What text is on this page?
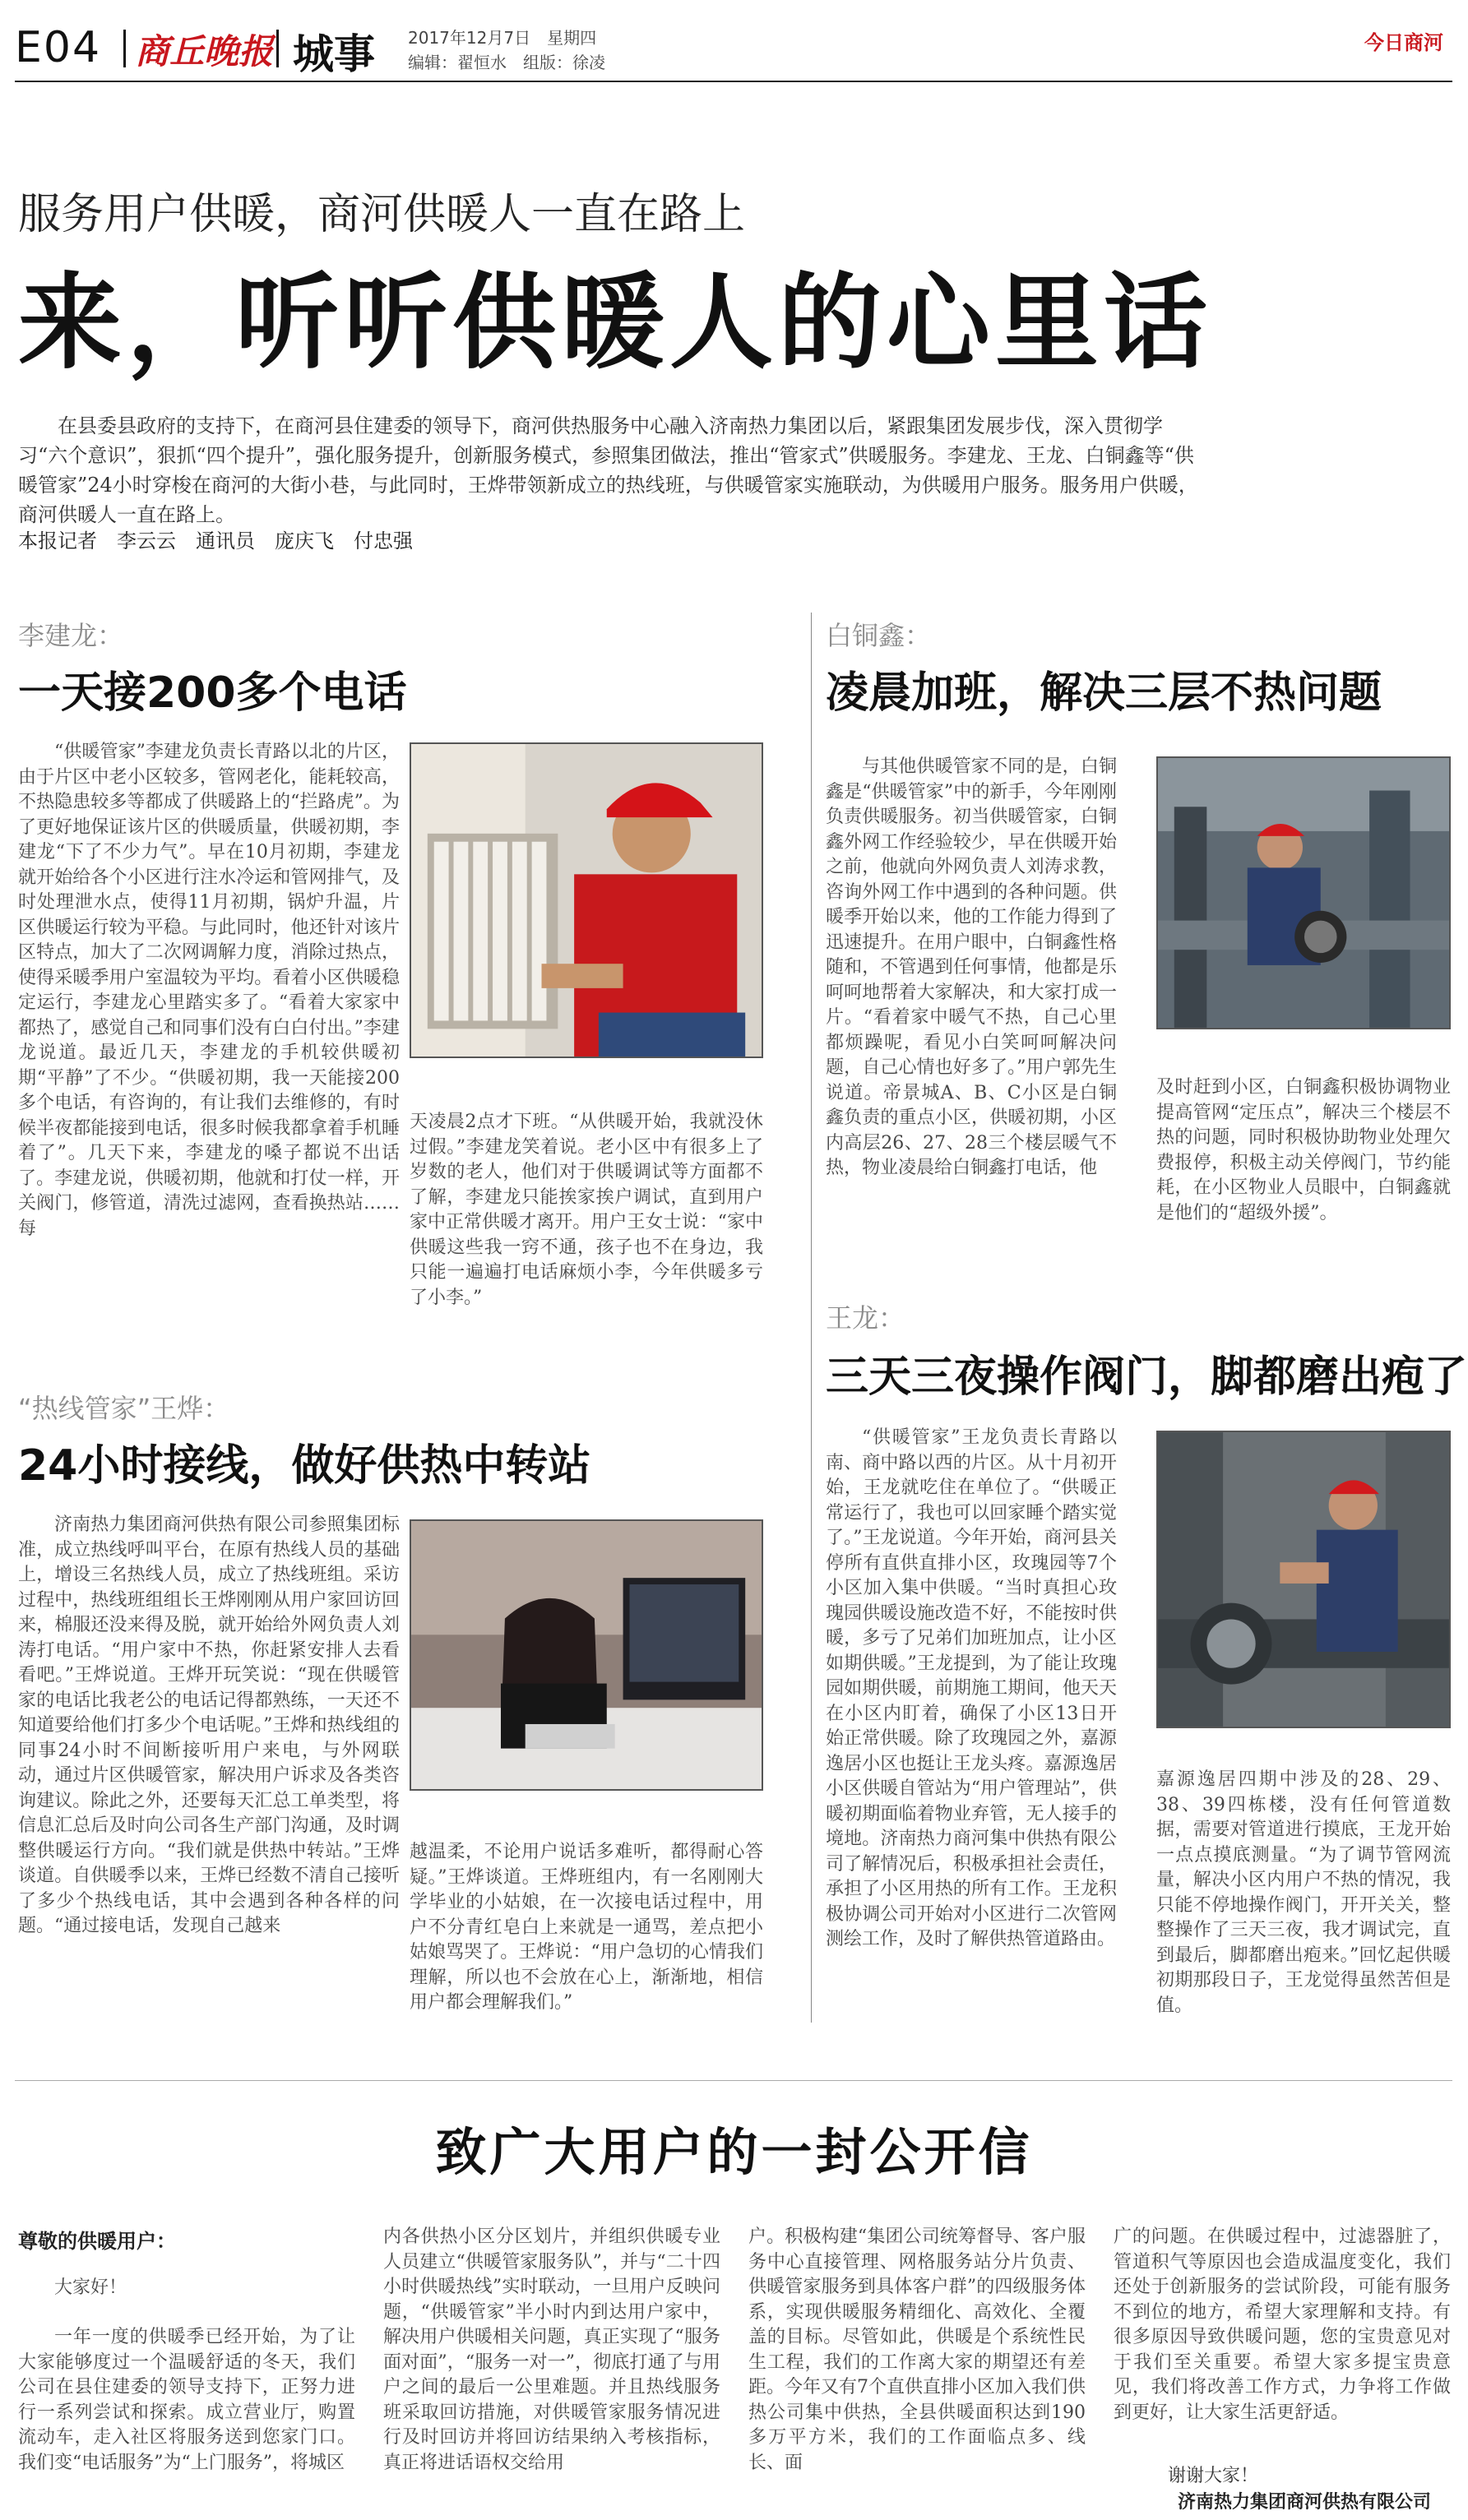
E04 商丘晚报 城事 2017年12月7日　星期四
编辑：翟恒水　组版：徐凌
今日商河
服务用户供暖，商河供暖人一直在路上
来，听听供暖人的心里话
在县委县政府的支持下，在商河县住建委的领导下，商河供热服务中心融入济南热力集团以后，紧跟集团发展步伐，深入贯彻学习“六个意识”，狠抓“四个提升”，强化服务提升，创新服务模式，参照集团做法，推出“管家式”供暖服务。李建龙、王龙、白铜鑫等“供暖管家”24小时穿梭在商河的大街小巷，与此同时，王烨带领新成立的热线班，与供暖管家实施联动，为供暖用户服务。服务用户供暖，商河供暖人一直在路上。
本报记者　李云云　通讯员　庞庆飞　付忠强
李建龙：
一天接200多个电话

“供暖管家”李建龙负责长青路以北的片区，由于片区中老小区较多，管网老化，能耗较高，不热隐患较多等都成了供暖路上的“拦路虎”。为了更好地保证该片区的供暖质量，供暖初期，李建龙“下了不少力气”。早在10月初期，李建龙就开始给各个小区进行注水冷运和管网排气，及时处理泄水点，使得11月初期，锅炉升温，片区供暖运行较为平稳。与此同时，他还针对该片区特点，加大了二次网调解力度，消除过热点，使得采暖季用户室温较为平均。看着小区供暖稳定运行，李建龙心里踏实多了。“看着大家家中都热了，感觉自己和同事们没有白白付出。”李建龙说道。最近几天，李建龙的手机较供暖初期“平静”了不少。“供暖初期，我一天能接200多个电话，有咨询的，有让我们去维修的，有时候半夜都能接到电话，很多时候我都拿着手机睡着了”。几天下来，李建龙的嗓子都说不出话了。李建龙说，供暖初期，他就和打仗一样，开关阀门，修管道，清洗过滤网，查看换热站……每

天凌晨2点才下班。“从供暖开始，我就没休过假。”李建龙笑着说。老小区中有很多上了岁数的老人，他们对于供暖调试等方面都不了解，李建龙只能挨家挨户调试，直到用户家中正常供暖才离开。用户王女士说：“家中供暖这些我一窍不通，孩子也不在身边，我只能一遍遍打电话麻烦小李，今年供暖多亏了小李。”

“热线管家”王烨：
24小时接线，做好供热中转站

济南热力集团商河供热有限公司参照集团标准，成立热线呼叫平台，在原有热线人员的基础上，增设三名热线人员，成立了热线班组。采访过程中，热线班组组长王烨刚刚从用户家回访回来，棉服还没来得及脱，就开始给外网负责人刘涛打电话。“用户家中不热，你赶紧安排人去看看吧。”王烨说道。王烨开玩笑说：“现在供暖管家的电话比我老公的电话记得都熟练，一天还不知道要给他们打多少个电话呢。”王烨和热线组的同事24小时不间断接听用户来电，与外网联动，通过片区供暖管家，解决用户诉求及各类咨询建议。除此之外，还要每天汇总工单类型，将信息汇总后及时向公司各生产部门沟通，及时调整供暖运行方向。“我们就是供热中转站。”王烨谈道。自供暖季以来，王烨已经数不清自己接听了多少个热线电话，其中会遇到各种各样的问题。“通过接电话，发现自己越来

越温柔，不论用户说话多难听，都得耐心答疑。”王烨谈道。王烨班组内，有一名刚刚大学毕业的小姑娘，在一次接电话过程中，用户不分青红皂白上来就是一通骂，差点把小姑娘骂哭了。王烨说：“用户急切的心情我们理解，所以也不会放在心上，渐渐地，相信用户都会理解我们。”

白铜鑫：
凌晨加班，解决三层不热问题

与其他供暖管家不同的是，白铜鑫是“供暖管家”中的新手，今年刚刚负责供暖服务。初当供暖管家，白铜鑫外网工作经验较少，早在供暖开始之前，他就向外网负责人刘涛求教，咨询外网工作中遇到的各种问题。供暖季开始以来，他的工作能力得到了迅速提升。在用户眼中，白铜鑫性格随和，不管遇到任何事情，他都是乐呵呵地帮着大家解决，和大家打成一片。“看着家中暖气不热，自己心里都烦躁呢，看见小白笑呵呵解决问题，自己心情也好多了。”用户郭先生说道。帝景城A、B、C小区是白铜鑫负责的重点小区，供暖初期，小区内高层26、27、28三个楼层暖气不热，物业凌晨给白铜鑫打电话，他

及时赶到小区，白铜鑫积极协调物业提高管网“定压点”，解决三个楼层不热的问题，同时积极协助物业处理欠费报停，积极主动关停阀门，节约能耗，在小区物业人员眼中，白铜鑫就是他们的“超级外援”。

王龙：
三天三夜操作阀门，脚都磨出疱了

“供暖管家”王龙负责长青路以南、商中路以西的片区。从十月初开始，王龙就吃住在单位了。“供暖正常运行了，我也可以回家睡个踏实觉了。”王龙说道。今年开始，商河县关停所有直供直排小区，玫瑰园等7个小区加入集中供暖。“当时真担心玫瑰园供暖设施改造不好，不能按时供暖，多亏了兄弟们加班加点，让小区如期供暖。”王龙提到，为了能让玫瑰园如期供暖，前期施工期间，他天天在小区内盯着，确保了小区13日开始正常供暖。除了玫瑰园之外，嘉源逸居小区也挺让王龙头疼。嘉源逸居小区供暖自管站为“用户管理站”，供暖初期面临着物业弃管，无人接手的境地。济南热力商河集中供热有限公司了解情况后，积极承担社会责任，承担了小区用热的所有工作。王龙积极协调公司开始对小区进行二次管网测绘工作，及时了解供热管道路由。

嘉源逸居四期中涉及的28、29、38、39四栋楼，没有任何管道数据，需要对管道进行摸底，王龙开始一点点摸底测量。“为了调节管网流量，解决小区内用户不热的情况，我只能不停地操作阀门，开开关关，整整操作了三天三夜，我才调试完，直到最后，脚都磨出疱来。”回忆起供暖初期那段日子，王龙觉得虽然苦但是值。

致广大用户的一封公开信
尊敬的供暖用户：

大家好！

一年一度的供暖季已经开始，为了让大家能够度过一个温暖舒适的冬天，我们公司在县住建委的领导支持下，正努力进行一系列尝试和探索。成立营业厅，购置流动车，走入社区将服务送到您家门口。我们变“电话服务”为“上门服务”，将城区

内各供热小区分区划片，并组织供暖专业人员建立“供暖管家服务队”，并与“二十四小时供暖热线”实时联动，一旦用户反映问题，“供暖管家”半小时内到达用户家中，解决用户供暖相关问题，真正实现了“服务面对面”，“服务一对一”，彻底打通了与用户之间的最后一公里难题。并且热线服务班采取回访措施，对供暖管家服务情况进行及时回访并将回访结果纳入考核指标，真正将进话语权交给用

户。积极构建“集团公司统筹督导、客户服务中心直接管理、网格服务站分片负责、供暖管家服务到具体客户群”的四级服务体系，实现供暖服务精细化、高效化、全覆盖的目标。尽管如此，供暖是个系统性民生工程，我们的工作离大家的期望还有差距。今年又有7个直供直排小区加入我们供热公司集中供热，全县供暖面积达到190多万平方米，我们的工作面临点多、线长、面

广的问题。在供暖过程中，过滤器脏了，管道积气等原因也会造成温度变化，我们还处于创新服务的尝试阶段，可能有服务不到位的地方，希望大家理解和支持。有很多原因导致供暖问题，您的宝贵意见对于我们至关重要。希望大家多提宝贵意见，我们将改善工作方式，力争将工作做到更好，让大家生活更舒适。

谢谢大家！
济南热力集团商河供热有限公司
